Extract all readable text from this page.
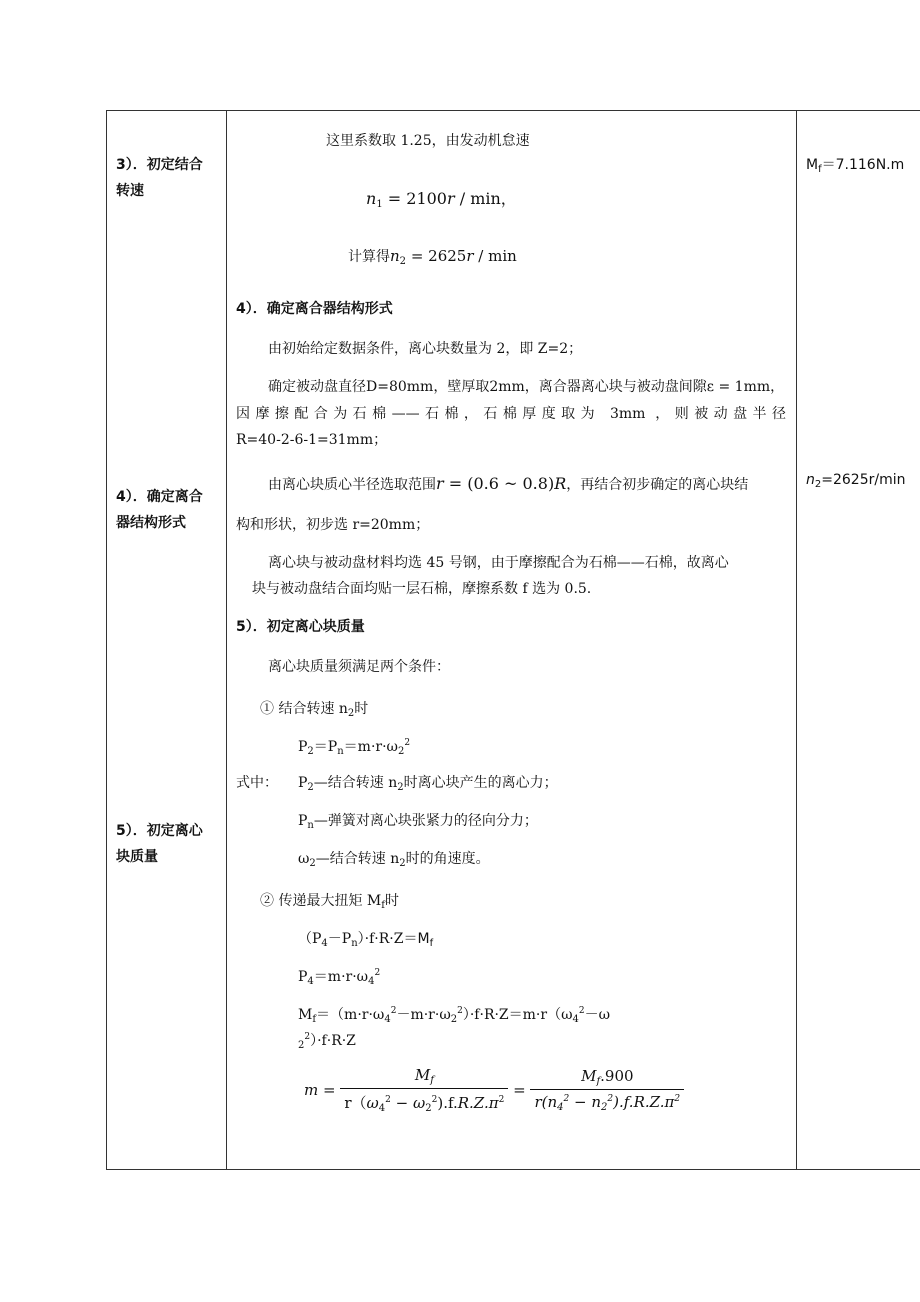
3）．初定结合
转速
4）．确定离合
器结构形式
5）．初定离心
块质量
$M_f=7.116N.m$
$n_2=2625r/\min$
这里系数取 1.25，由发动机怠速
$n_1 = 2100r / \min$，
计算得$n_2 = 2625r / \min$
4）．确定离合器结构形式
由初始给定数据条件，离心块数量为 2，即 Z=2；
确定被动盘直径D=80mm，壁厚取2mm，离合器离心块与被动盘间隙ε = 1mm，
因摩擦配合为石棉——石棉，石棉厚度取为 3mm ，则被动盘半径
R=40-2-6-1=31mm；
由离心块质心半径选取范围r = (0.6 ~ 0.8)R，再结合初步确定的离心块结
构和形状，初步选 r=20mm；
离心块与被动盘材料均选 45 号钢，由于摩擦配合为石棉——石棉，故离心
块与被动盘结合面均贴一层石棉，摩擦系数 f 选为 0.5.
5）．初定离心块质量
离心块质量须满足两个条件：
① 结合转速 $n_2$时
$P_2=P_n=m\cdot r\cdot\omega_2^2$
式中： $P_2—$结合转速 $n_2$时离心块产生的离心力；
$P_n—$弹簧对离心块张紧力的径向分力；
$\omega_2—$结合转速 $n_2$时的角速度。
② 传递最大扭矩 $M_f$时
$(P_4-P_n)\cdot f\cdot R\cdot Z=M_f$
$P_4=m\cdot r\cdot\omega_4^2$
$M_f=(m\cdot r\cdot\omega_4^2-m\cdot r\cdot\omega_2^2)\cdot f\cdot R\cdot Z=m\cdot r(\omega_4^2-\omega$
$_2^2$）·f·R·Z
$m = \frac{M_f}{r(\omega_4^2 - \omega_2^2).f.R.Z.\pi^2} = \frac{M_f.900}{r(n_4^2 - n_2^2).f.R.Z.\pi^2}$
